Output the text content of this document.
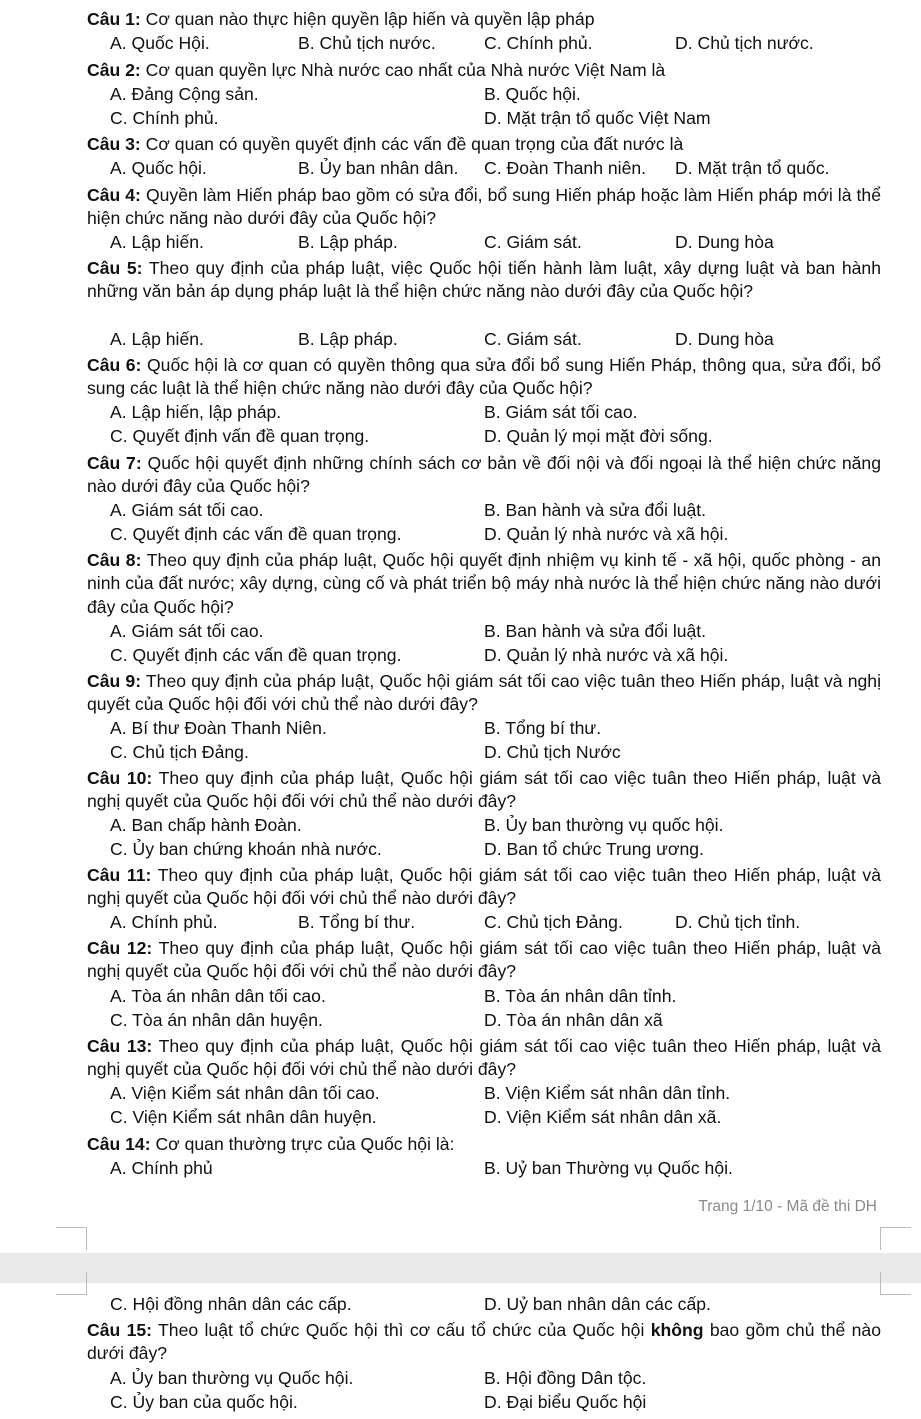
Câu 1: Cơ quan nào thực hiện quyền lập hiến và quyền lập pháp
A. Quốc Hội.	B. Chủ tịch nước.	C. Chính phủ.	D. Chủ tịch nước.
Câu 2: Cơ quan quyền lực Nhà nước cao nhất của Nhà nước Việt Nam là
A. Đảng Cộng sản.	B. Quốc hội.
C. Chính phủ.	D. Mặt trận tổ quốc Việt Nam
Câu 3: Cơ quan có quyền quyết định các vấn đề quan trọng của đất nước là
A. Quốc hội.	B. Ủy ban nhân dân. C. Đoàn Thanh niên. D. Mặt trận tổ quốc.
Câu 4: Quyền làm Hiến pháp bao gồm có sửa đổi, bổ sung Hiến pháp hoặc làm Hiến pháp mới là thể hiện chức năng nào dưới đây của Quốc hội?
A. Lập hiến.	B. Lập pháp.	C. Giám sát.	D. Dung hòa
Câu 5: Theo quy định của pháp luật, việc Quốc hội tiến hành làm luật, xây dựng luật và ban hành những văn bản áp dụng pháp luật là thể hiện chức năng nào dưới đây của Quốc hội?
A. Lập hiến.	B. Lập pháp.	C. Giám sát.	D. Dung hòa
Câu 6: Quốc hội là cơ quan có quyền thông qua sửa đổi bổ sung Hiến Pháp, thông qua, sửa đổi, bổ sung các luật là thể hiện chức năng nào dưới đây của Quốc hội?
A. Lập hiến, lập pháp.	B. Giám sát tối cao.
C. Quyết định vấn đề quan trọng.	D. Quản lý mọi mặt đời sống.
Câu 7: Quốc hội quyết định những chính sách cơ bản về đối nội và đối ngoại là thể hiện chức năng nào dưới đây của Quốc hội?
A. Giám sát tối cao.	B. Ban hành và sửa đổi luật.
C. Quyết định các vấn đề quan trọng.	D. Quản lý nhà nước và xã hội.
Câu 8: Theo quy định của pháp luật, Quốc hội quyết định nhiệm vụ kinh tế - xã hội, quốc phòng - an ninh của đất nước; xây dựng, cùng cố và phát triển bộ máy nhà nước là thể hiện chức năng nào dưới đây của Quốc hội?
A. Giám sát tối cao.	B. Ban hành và sửa đổi luật.
C. Quyết định các vấn đề quan trọng.	D. Quản lý nhà nước và xã hội.
Câu 9: Theo quy định của pháp luật, Quốc hội giám sát tối cao việc tuân theo Hiến pháp, luật và nghị quyết của Quốc hội đối với chủ thể nào dưới đây?
A. Bí thư Đoàn Thanh Niên.	B. Tổng bí thư.
C. Chủ tịch Đảng.	D. Chủ tịch Nước
Câu 10: Theo quy định của pháp luật, Quốc hội giám sát tối cao việc tuân theo Hiến pháp, luật và nghị quyết của Quốc hội đối với chủ thể nào dưới đây?
A. Ban chấp hành Đoàn.	B. Ủy ban thường vụ quốc hội.
C. Ủy ban chứng khoán nhà nước.	D. Ban tổ chức Trung ương.
Câu 11: Theo quy định của pháp luật, Quốc hội giám sát tối cao việc tuân theo Hiến pháp, luật và nghị quyết của Quốc hội đối với chủ thể nào dưới đây?
A. Chính phủ.	B. Tổng bí thư.	C. Chủ tịch Đảng.	D. Chủ tịch tỉnh.
Câu 12: Theo quy định của pháp luật, Quốc hội giám sát tối cao việc tuân theo Hiến pháp, luật và nghị quyết của Quốc hội đối với chủ thể nào dưới đây?
A. Tòa án nhân dân tối cao.	B. Tòa án nhân dân tỉnh.
C. Tòa án nhân dân huyện.	D. Tòa án nhân dân xã
Câu 13: Theo quy định của pháp luật, Quốc hội giám sát tối cao việc tuân theo Hiến pháp, luật và nghị quyết của Quốc hội đối với chủ thể nào dưới đây?
A. Viện Kiểm sát nhân dân tối cao.	B. Viện Kiểm sát nhân dân tỉnh.
C. Viện Kiểm sát nhân dân huyện.	D. Viện Kiểm sát nhân dân xã.
Câu 14: Cơ quan thường trực của Quốc hội là:
A. Chính phủ	B. Uỷ ban Thường vụ Quốc hội.
Trang 1/10 - Mã đề thi DH
C. Hội đồng nhân dân các cấp.	D. Uỷ ban nhân dân các cấp.
Câu 15: Theo luật tổ chức Quốc hội thì cơ cấu tổ chức của Quốc hội không bao gồm chủ thể nào dưới đây?
A. Ủy ban thường vụ Quốc hội.	B. Hội đồng Dân tộc.
C. Ủy ban của quốc hội.	D. Đại biểu Quốc hội
